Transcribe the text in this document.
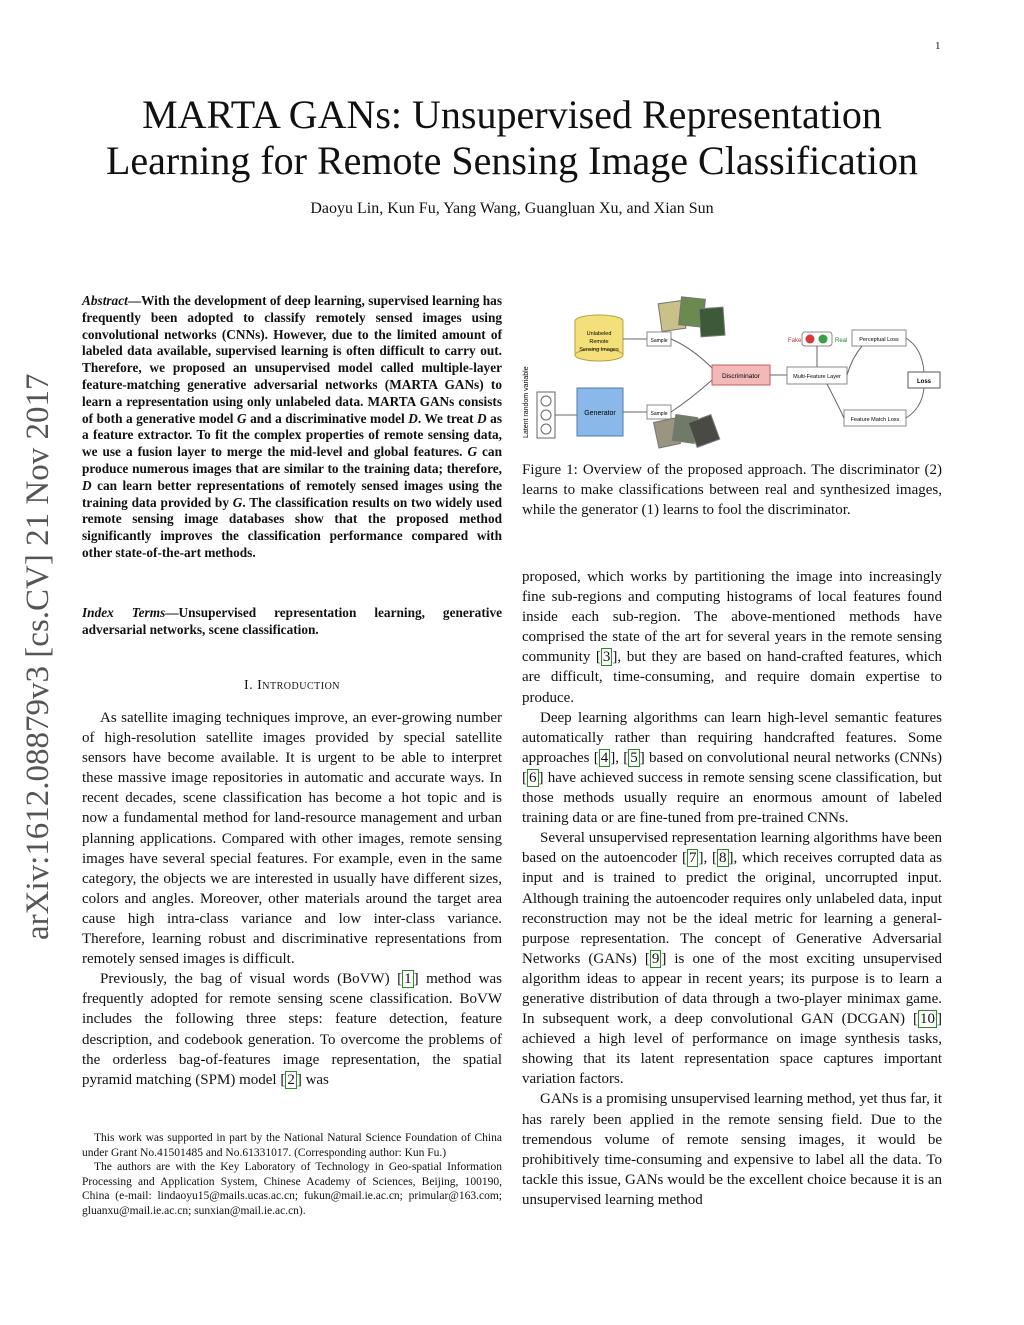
1
MARTA GANs: Unsupervised Representation
Learning for Remote Sensing Image Classification
Daoyu Lin, Kun Fu, Yang Wang, Guangluan Xu, and Xian Sun
arXiv:1612.08879v3 [cs.CV] 21 Nov 2017
Abstract—With the development of deep learning, supervised learning has frequently been adopted to classify remotely sensed images using convolutional networks (CNNs). However, due to the limited amount of labeled data available, supervised learning is often difficult to carry out. Therefore, we proposed an unsupervised model called multiple-layer feature-matching generative adversarial networks (MARTA GANs) to learn a representation using only unlabeled data. MARTA GANs consists of both a generative model G and a discriminative model D. We treat D as a feature extractor. To fit the complex properties of remote sensing data, we use a fusion layer to merge the mid-level and global features. G can produce numerous images that are similar to the training data; therefore, D can learn better representations of remotely sensed images using the training data provided by G. The classification results on two widely used remote sensing image databases show that the proposed method significantly improves the classification performance compared with other state-of-the-art methods.
Index Terms—Unsupervised representation learning, generative adversarial networks, scene classification.
I. Introduction

As satellite imaging techniques improve, an ever-growing number of high-resolution satellite images provided by special satellite sensors have become available. It is urgent to be able to interpret these massive image repositories in automatic and accurate ways. In recent decades, scene classification has become a hot topic and is now a fundamental method for land-resource management and urban planning applications. Compared with other images, remote sensing images have several special features. For example, even in the same category, the objects we are interested in usually have different sizes, colors and angles. Moreover, other materials around the target area cause high intra-class variance and low inter-class variance. Therefore, learning robust and discriminative representations from remotely sensed images is difficult.

Previously, the bag of visual words (BoVW) [ 1 ] method was frequently adopted for remote sensing scene classification. BoVW includes the following three steps: feature detection, feature description, and codebook generation. To overcome the problems of the orderless bag-of-features image representation, the spatial pyramid matching (SPM) model [ 2 ] was

This work was supported in part by the National Natural Science Foundation of China under Grant No.41501485 and No.61331017. (Corresponding author: Kun Fu.)

The authors are with the Key Laboratory of Technology in Geo-spatial Information Processing and Application System, Chinese Academy of Sciences, Beijing, 100190, China (e-mail: lindaoyu15@mails.ucas.ac.cn; fukun@mail.ie.ac.cn; primular@163.com; gluanxu@mail.ie.ac.cn; sunxian@mail.ie.ac.cn).

Latent random variable	Generator	Sample
Unlabeled
Remote
Sensing Images
Sample
Discriminator	Multi-Feature Layer
Fake	Real Perceptual Loss
Feature Match Loss
Loss
Figure 1: Overview of the proposed approach. The discriminator (2) learns to make classifications between real and synthesized images, while the generator (1) learns to fool the discriminator.

proposed, which works by partitioning the image into increasingly fine sub-regions and computing histograms of local features found inside each sub-region. The above-mentioned methods have comprised the state of the art for several years in the remote sensing community [ 3 ], but they are based on hand-crafted features, which are difficult, time-consuming, and require domain expertise to produce.

Deep learning algorithms can learn high-level semantic features automatically rather than requiring handcrafted features. Some approaches [ 4 ], [ 5 ] based on convolutional neural networks (CNNs) [ 6 ] have achieved success in remote sensing scene classification, but those methods usually require an enormous amount of labeled training data or are fine-tuned from pre-trained CNNs.

Several unsupervised representation learning algorithms have been based on the autoencoder [ 7 ], [ 8 ], which receives corrupted data as input and is trained to predict the original, uncorrupted input. Although training the autoencoder requires only unlabeled data, input reconstruction may not be the ideal metric for learning a general-purpose representation. The concept of Generative Adversarial Networks (GANs) [ 9 ] is one of the most exciting unsupervised algorithm ideas to appear in recent years; its purpose is to learn a generative distribution of data through a two-player minimax game. In subsequent work, a deep convolutional GAN (DCGAN) [ 10 ] achieved a high level of performance on image synthesis tasks, showing that its latent representation space captures important variation factors.

GANs is a promising unsupervised learning method, yet thus far, it has rarely been applied in the remote sensing field. Due to the tremendous volume of remote sensing images, it would be prohibitively time-consuming and expensive to label all the data. To tackle this issue, GANs would be the excellent choice because it is an unsupervised learning method
